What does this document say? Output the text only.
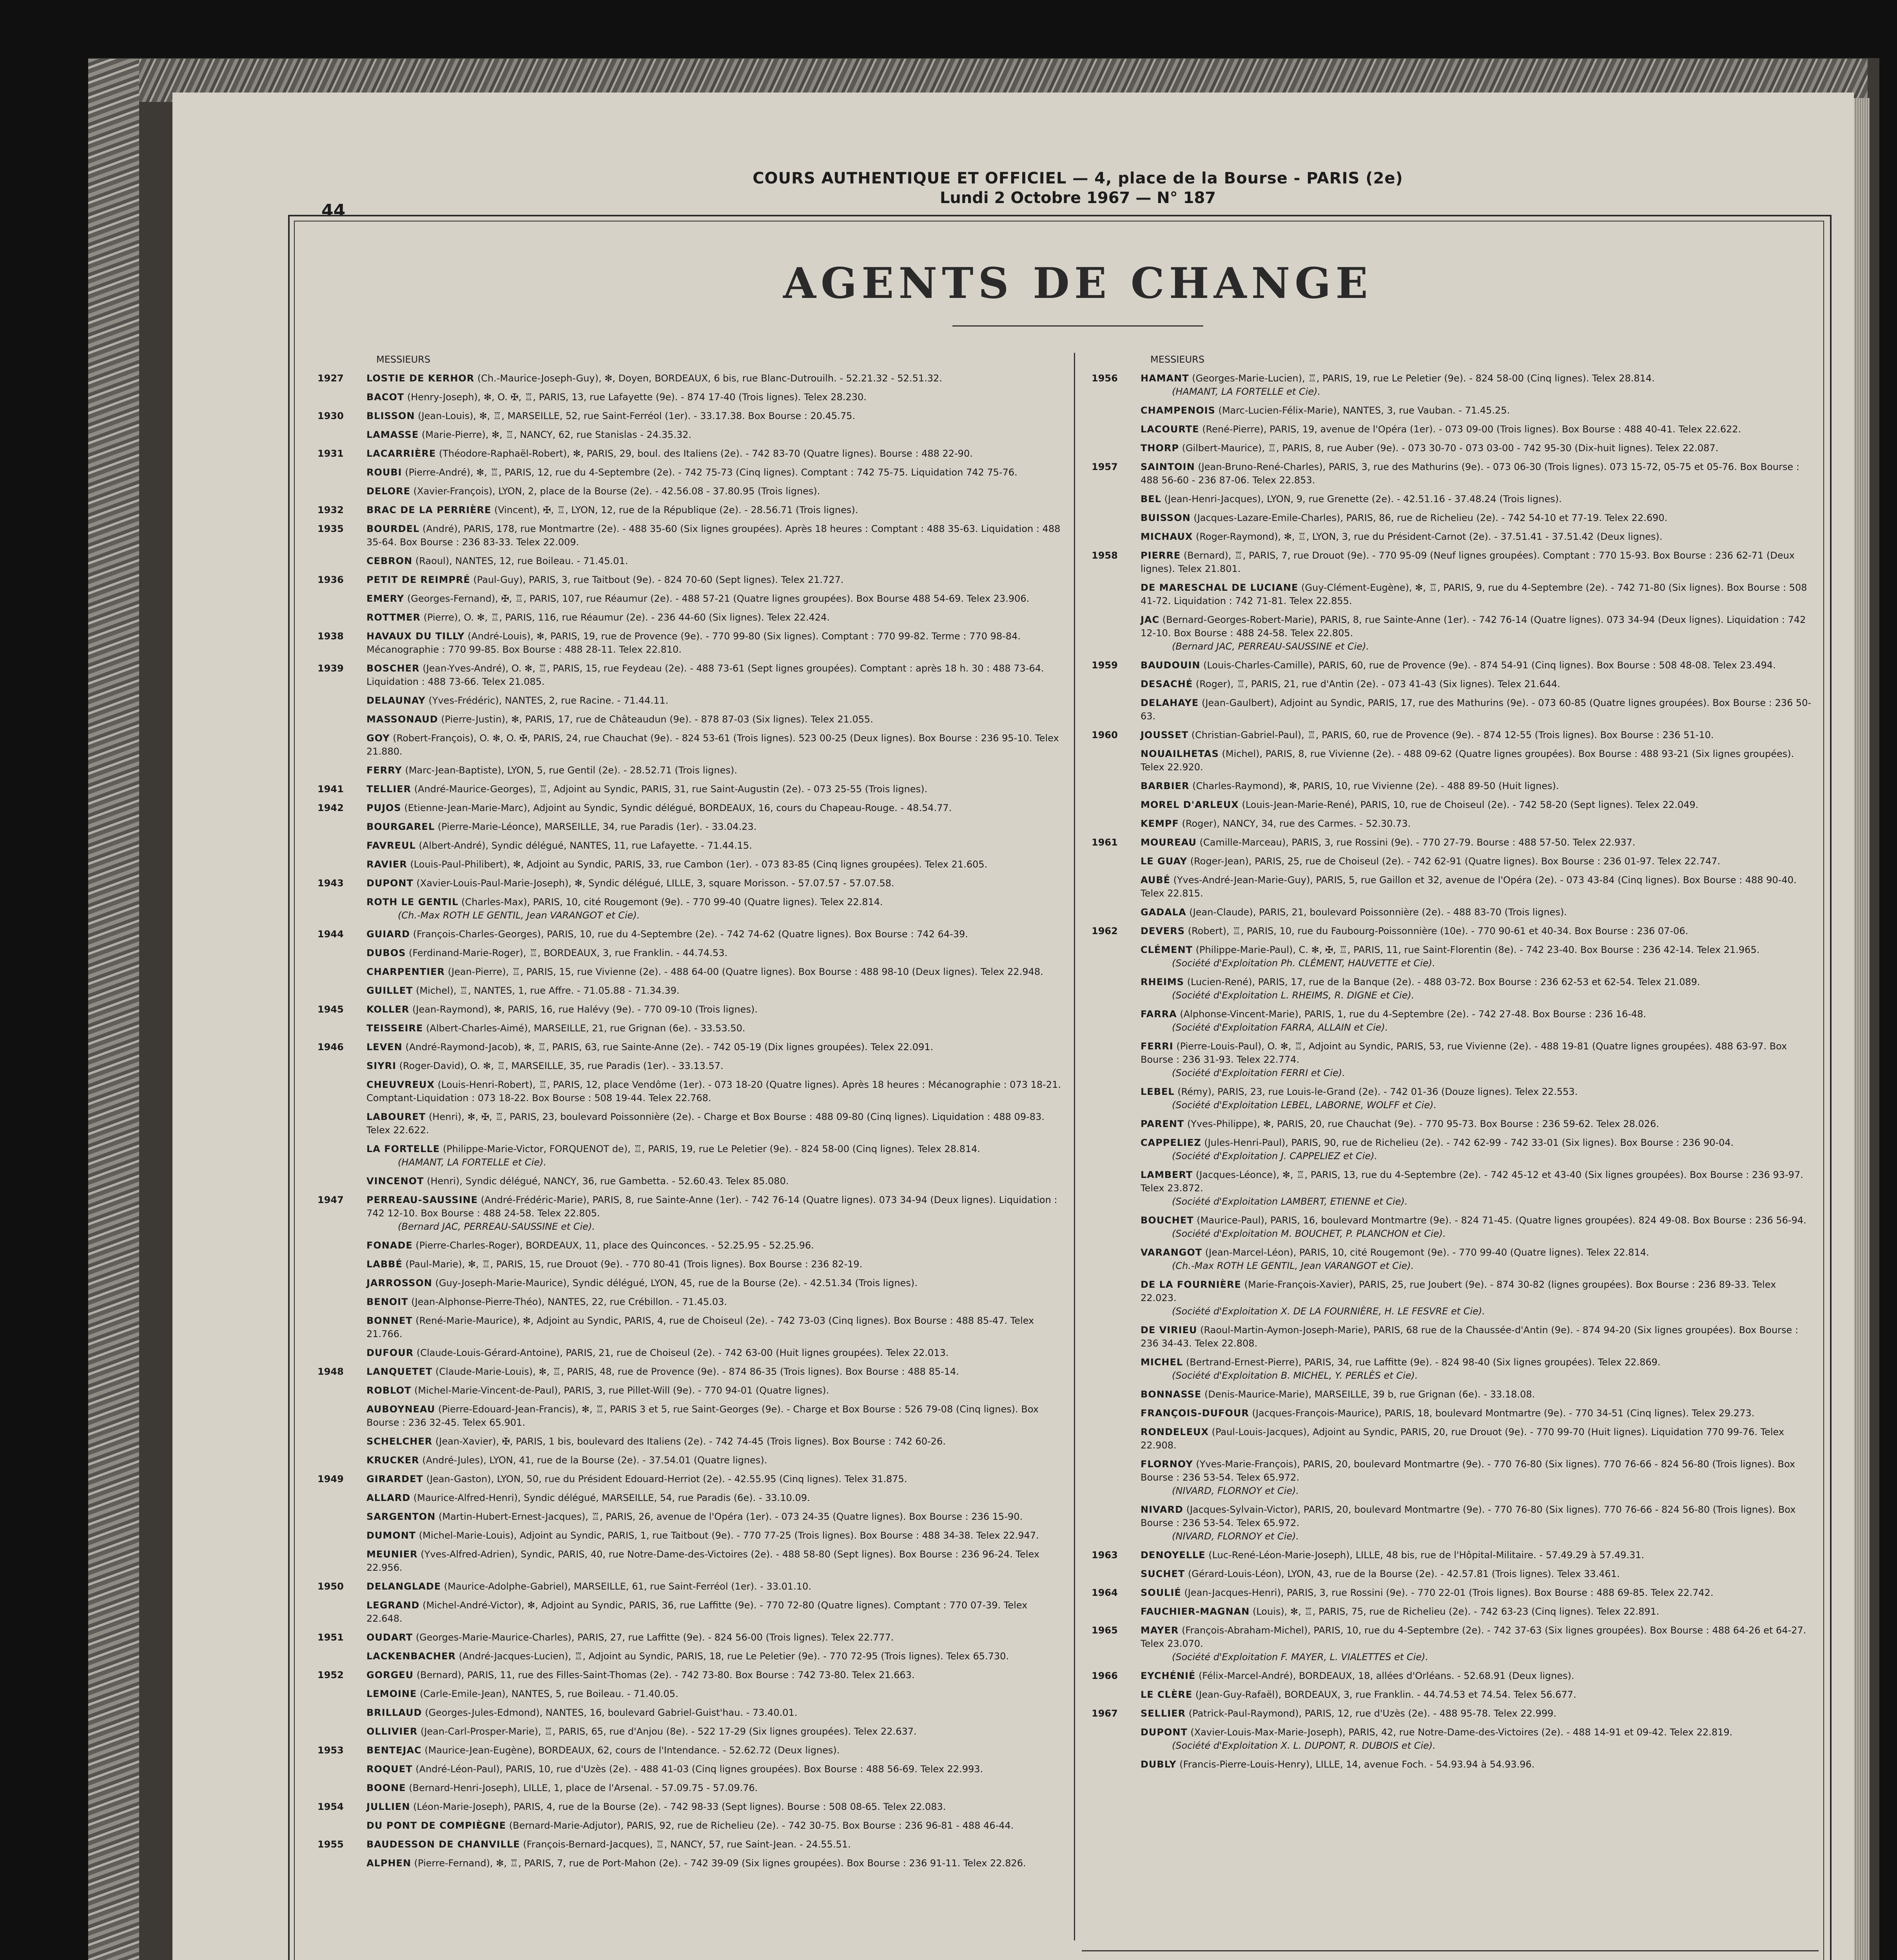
COURS AUTHENTIQUE ET OFFICIEL — 4, place de la Bourse - PARIS (2e)
Lundi 2 Octobre 1967 — N° 187
44
AGENTS DE CHANGE
MESSIEURS
1927 LOSTIE DE KERHOR (Ch.-Maurice-Joseph-Guy), ✻, Doyen, BORDEAUX, 6 bis, rue Blanc-Dutrouilh. - 52.21.32 - 52.51.32.
BACOT (Henry-Joseph), ✻, O. ✠, ♖, PARIS, 13, rue Lafayette (9e). - 874 17-40 (Trois lignes). Telex 28.230.
1930 BLISSON (Jean-Louis), ✻, ♖, MARSEILLE, 52, rue Saint-Ferréol (1er). - 33.17.38. Box Bourse : 20.45.75.
LAMASSE (Marie-Pierre), ✻, ♖, NANCY, 62, rue Stanislas - 24.35.32.
1931 LACARRIÈRE (Théodore-Raphaël-Robert), ✻, PARIS, 29, boul. des Italiens (2e). - 742 83-70 (Quatre lignes). Bourse : 488 22-90.
ROUBI (Pierre-André), ✻, ♖, PARIS, 12, rue du 4-Septembre (2e). - 742 75-73 (Cinq lignes). Comptant : 742 75-75. Liquidation 742 75-76.
DELORE (Xavier-François), LYON, 2, place de la Bourse (2e). - 42.56.08 - 37.80.95 (Trois lignes).
1932 BRAC DE LA PERRIÈRE (Vincent), ✠, ♖, LYON, 12, rue de la République (2e). - 28.56.71 (Trois lignes).
1935 BOURDEL (André), PARIS, 178, rue Montmartre (2e). - 488 35-60 (Six lignes groupées). Après 18 heures : Comptant : 488 35-63. Liquidation : 488 35-64. Box Bourse : 236 83-33. Telex 22.009.
CEBRON (Raoul), NANTES, 12, rue Boileau. - 71.45.01.
1936 PETIT DE REIMPRÉ (Paul-Guy), PARIS, 3, rue Taitbout (9e). - 824 70-60 (Sept lignes). Telex 21.727.
EMERY (Georges-Fernand), ✠, ♖, PARIS, 107, rue Réaumur (2e). - 488 57-21 (Quatre lignes groupées). Box Bourse 488 54-69. Telex 23.906.
ROTTMER (Pierre), O. ✻, ♖, PARIS, 116, rue Réaumur (2e). - 236 44-60 (Six lignes). Telex 22.424.
1938 HAVAUX DU TILLY (André-Louis), ✻, PARIS, 19, rue de Provence (9e). - 770 99-80 (Six lignes). Comptant : 770 99-82. Terme : 770 98-84. Mécanographie : 770 99-85. Box Bourse : 488 28-11. Telex 22.810.
1939 BOSCHER (Jean-Yves-André), O. ✻, ♖, PARIS, 15, rue Feydeau (2e). - 488 73-61 (Sept lignes groupées). Comptant : après 18 h. 30 : 488 73-64. Liquidation : 488 73-66. Telex 21.085.
DELAUNAY (Yves-Frédéric), NANTES, 2, rue Racine. - 71.44.11.
MASSONAUD (Pierre-Justin), ✻, PARIS, 17, rue de Châteaudun (9e). - 878 87-03 (Six lignes). Telex 21.055.
GOY (Robert-François), O. ✻, O. ✠, PARIS, 24, rue Chauchat (9e). - 824 53-61 (Trois lignes). 523 00-25 (Deux lignes). Box Bourse : 236 95-10. Telex 21.880.
FERRY (Marc-Jean-Baptiste), LYON, 5, rue Gentil (2e). - 28.52.71 (Trois lignes).
1941 TELLIER (André-Maurice-Georges), ♖, Adjoint au Syndic, PARIS, 31, rue Saint-Augustin (2e). - 073 25-55 (Trois lignes).
1942 PUJOS (Etienne-Jean-Marie-Marc), Adjoint au Syndic, Syndic délégué, BORDEAUX, 16, cours du Chapeau-Rouge. - 48.54.77.
BOURGAREL (Pierre-Marie-Léonce), MARSEILLE, 34, rue Paradis (1er). - 33.04.23.
FAVREUL (Albert-André), Syndic délégué, NANTES, 11, rue Lafayette. - 71.44.15.
RAVIER (Louis-Paul-Philibert), ✻, Adjoint au Syndic, PARIS, 33, rue Cambon (1er). - 073 83-85 (Cinq lignes groupées). Telex 21.605.
1943 DUPONT (Xavier-Louis-Paul-Marie-Joseph), ✻, Syndic délégué, LILLE, 3, square Morisson. - 57.07.57 - 57.07.58.
ROTH LE GENTIL (Charles-Max), PARIS, 10, cité Rougemont (9e). - 770 99-40 (Quatre lignes). Telex 22.814.
(Ch.-Max ROTH LE GENTIL, Jean VARANGOT et Cie).
1944 GUIARD (François-Charles-Georges), PARIS, 10, rue du 4-Septembre (2e). - 742 74-62 (Quatre lignes). Box Bourse : 742 64-39.
DUBOS (Ferdinand-Marie-Roger), ♖, BORDEAUX, 3, rue Franklin. - 44.74.53.
CHARPENTIER (Jean-Pierre), ♖, PARIS, 15, rue Vivienne (2e). - 488 64-00 (Quatre lignes). Box Bourse : 488 98-10 (Deux lignes). Telex 22.948.
GUILLET (Michel), ♖, NANTES, 1, rue Affre. - 71.05.88 - 71.34.39.
1945 KOLLER (Jean-Raymond), ✻, PARIS, 16, rue Halévy (9e). - 770 09-10 (Trois lignes).
TEISSEIRE (Albert-Charles-Aimé), MARSEILLE, 21, rue Grignan (6e). - 33.53.50.
1946 LEVEN (André-Raymond-Jacob), ✻, ♖, PARIS, 63, rue Sainte-Anne (2e). - 742 05-19 (Dix lignes groupées). Telex 22.091.
SIYRI (Roger-David), O. ✻, ♖, MARSEILLE, 35, rue Paradis (1er). - 33.13.57.
CHEUVREUX (Louis-Henri-Robert), ♖, PARIS, 12, place Vendôme (1er). - 073 18-20 (Quatre lignes). Après 18 heures : Mécanographie : 073 18-21. Comptant-Liquidation : 073 18-22. Box Bourse : 508 19-44. Telex 22.768.
LABOURET (Henri), ✻, ✠, ♖, PARIS, 23, boulevard Poissonnière (2e). - Charge et Box Bourse : 488 09-80 (Cinq lignes). Liquidation : 488 09-83. Telex 22.622.
LA FORTELLE (Philippe-Marie-Victor, FORQUENOT de), ♖, PARIS, 19, rue Le Peletier (9e). - 824 58-00 (Cinq lignes). Telex 28.814.
(HAMANT, LA FORTELLE et Cie).
VINCENOT (Henri), Syndic délégué, NANCY, 36, rue Gambetta. - 52.60.43. Telex 85.080.
1947 PERREAU-SAUSSINE (André-Frédéric-Marie), PARIS, 8, rue Sainte-Anne (1er). - 742 76-14 (Quatre lignes). 073 34-94 (Deux lignes). Liquidation : 742 12-10. Box Bourse : 488 24-58. Telex 22.805.
(Bernard JAC, PERREAU-SAUSSINE et Cie).
FONADE (Pierre-Charles-Roger), BORDEAUX, 11, place des Quinconces. - 52.25.95 - 52.25.96.
LABBÉ (Paul-Marie), ✻, ♖, PARIS, 15, rue Drouot (9e). - 770 80-41 (Trois lignes). Box Bourse : 236 82-19.
JARROSSON (Guy-Joseph-Marie-Maurice), Syndic délégué, LYON, 45, rue de la Bourse (2e). - 42.51.34 (Trois lignes).
BENOIT (Jean-Alphonse-Pierre-Théo), NANTES, 22, rue Crébillon. - 71.45.03.
BONNET (René-Marie-Maurice), ✻, Adjoint au Syndic, PARIS, 4, rue de Choiseul (2e). - 742 73-03 (Cinq lignes). Box Bourse : 488 85-47. Telex 21.766.
DUFOUR (Claude-Louis-Gérard-Antoine), PARIS, 21, rue de Choiseul (2e). - 742 63-00 (Huit lignes groupées). Telex 22.013.
1948 LANQUETET (Claude-Marie-Louis), ✻, ♖, PARIS, 48, rue de Provence (9e). - 874 86-35 (Trois lignes). Box Bourse : 488 85-14.
ROBLOT (Michel-Marie-Vincent-de-Paul), PARIS, 3, rue Pillet-Will (9e). - 770 94-01 (Quatre lignes).
AUBOYNEAU (Pierre-Edouard-Jean-Francis), ✻, ♖, PARIS 3 et 5, rue Saint-Georges (9e). - Charge et Box Bourse : 526 79-08 (Cinq lignes). Box Bourse : 236 32-45. Telex 65.901.
SCHELCHER (Jean-Xavier), ✠, PARIS, 1 bis, boulevard des Italiens (2e). - 742 74-45 (Trois lignes). Box Bourse : 742 60-26.
KRUCKER (André-Jules), LYON, 41, rue de la Bourse (2e). - 37.54.01 (Quatre lignes).
1949 GIRARDET (Jean-Gaston), LYON, 50, rue du Président Edouard-Herriot (2e). - 42.55.95 (Cinq lignes). Telex 31.875.
ALLARD (Maurice-Alfred-Henri), Syndic délégué, MARSEILLE, 54, rue Paradis (6e). - 33.10.09.
SARGENTON (Martin-Hubert-Ernest-Jacques), ♖, PARIS, 26, avenue de l'Opéra (1er). - 073 24-35 (Quatre lignes). Box Bourse : 236 15-90.
DUMONT (Michel-Marie-Louis), Adjoint au Syndic, PARIS, 1, rue Taitbout (9e). - 770 77-25 (Trois lignes). Box Bourse : 488 34-38. Telex 22.947.
MEUNIER (Yves-Alfred-Adrien), Syndic, PARIS, 40, rue Notre-Dame-des-Victoires (2e). - 488 58-80 (Sept lignes). Box Bourse : 236 96-24. Telex 22.956.
1950 DELANGLADE (Maurice-Adolphe-Gabriel), MARSEILLE, 61, rue Saint-Ferréol (1er). - 33.01.10.
LEGRAND (Michel-André-Victor), ✻, Adjoint au Syndic, PARIS, 36, rue Laffitte (9e). - 770 72-80 (Quatre lignes). Comptant : 770 07-39. Telex 22.648.
1951 OUDART (Georges-Marie-Maurice-Charles), PARIS, 27, rue Laffitte (9e). - 824 56-00 (Trois lignes). Telex 22.777.
LACKENBACHER (André-Jacques-Lucien), ♖, Adjoint au Syndic, PARIS, 18, rue Le Peletier (9e). - 770 72-95 (Trois lignes). Telex 65.730.
1952 GORGEU (Bernard), PARIS, 11, rue des Filles-Saint-Thomas (2e). - 742 73-80. Box Bourse : 742 73-80. Telex 21.663.
LEMOINE (Carle-Emile-Jean), NANTES, 5, rue Boileau. - 71.40.05.
BRILLAUD (Georges-Jules-Edmond), NANTES, 16, boulevard Gabriel-Guist'hau. - 73.40.01.
OLLIVIER (Jean-Carl-Prosper-Marie), ♖, PARIS, 65, rue d'Anjou (8e). - 522 17-29 (Six lignes groupées). Telex 22.637.
1953 BENTEJAC (Maurice-Jean-Eugène), BORDEAUX, 62, cours de l'Intendance. - 52.62.72 (Deux lignes).
ROQUET (André-Léon-Paul), PARIS, 10, rue d'Uzès (2e). - 488 41-03 (Cinq lignes groupées). Box Bourse : 488 56-69. Telex 22.993.
BOONE (Bernard-Henri-Joseph), LILLE, 1, place de l'Arsenal. - 57.09.75 - 57.09.76.
1954 JULLIEN (Léon-Marie-Joseph), PARIS, 4, rue de la Bourse (2e). - 742 98-33 (Sept lignes). Bourse : 508 08-65. Telex 22.083.
DU PONT DE COMPIÈGNE (Bernard-Marie-Adjutor), PARIS, 92, rue de Richelieu (2e). - 742 30-75. Box Bourse : 236 96-81 - 488 46-44.
1955 BAUDESSON DE CHANVILLE (François-Bernard-Jacques), ♖, NANCY, 57, rue Saint-Jean. - 24.55.51.
ALPHEN (Pierre-Fernand), ✻, ♖, PARIS, 7, rue de Port-Mahon (2e). - 742 39-09 (Six lignes groupées). Box Bourse : 236 91-11. Telex 22.826.
MESSIEURS
1956 HAMANT (Georges-Marie-Lucien), ♖, PARIS, 19, rue Le Peletier (9e). - 824 58-00 (Cinq lignes). Telex 28.814.
(HAMANT, LA FORTELLE et Cie).
CHAMPENOIS (Marc-Lucien-Félix-Marie), NANTES, 3, rue Vauban. - 71.45.25.
LACOURTE (René-Pierre), PARIS, 19, avenue de l'Opéra (1er). - 073 09-00 (Trois lignes). Box Bourse : 488 40-41. Telex 22.622.
THORP (Gilbert-Maurice), ♖, PARIS, 8, rue Auber (9e). - 073 30-70 - 073 03-00 - 742 95-30 (Dix-huit lignes). Telex 22.087.
1957 SAINTOIN (Jean-Bruno-René-Charles), PARIS, 3, rue des Mathurins (9e). - 073 06-30 (Trois lignes). 073 15-72, 05-75 et 05-76. Box Bourse : 488 56-60 - 236 87-06. Telex 22.853.
BEL (Jean-Henri-Jacques), LYON, 9, rue Grenette (2e). - 42.51.16 - 37.48.24 (Trois lignes).
BUISSON (Jacques-Lazare-Emile-Charles), PARIS, 86, rue de Richelieu (2e). - 742 54-10 et 77-19. Telex 22.690.
MICHAUX (Roger-Raymond), ✻, ♖, LYON, 3, rue du Président-Carnot (2e). - 37.51.41 - 37.51.42 (Deux lignes).
1958 PIERRE (Bernard), ♖, PARIS, 7, rue Drouot (9e). - 770 95-09 (Neuf lignes groupées). Comptant : 770 15-93. Box Bourse : 236 62-71 (Deux lignes). Telex 21.801.
DE MARESCHAL DE LUCIANE (Guy-Clément-Eugène), ✻, ♖, PARIS, 9, rue du 4-Septembre (2e). - 742 71-80 (Six lignes). Box Bourse : 508 41-72. Liquidation : 742 71-81. Telex 22.855.
JAC (Bernard-Georges-Robert-Marie), PARIS, 8, rue Sainte-Anne (1er). - 742 76-14 (Quatre lignes). 073 34-94 (Deux lignes). Liquidation : 742 12-10. Box Bourse : 488 24-58. Telex 22.805.
(Bernard JAC, PERREAU-SAUSSINE et Cie).
1959 BAUDOUIN (Louis-Charles-Camille), PARIS, 60, rue de Provence (9e). - 874 54-91 (Cinq lignes). Box Bourse : 508 48-08. Telex 23.494.
DESACHÉ (Roger), ♖, PARIS, 21, rue d'Antin (2e). - 073 41-43 (Six lignes). Telex 21.644.
DELAHAYE (Jean-Gaulbert), Adjoint au Syndic, PARIS, 17, rue des Mathurins (9e). - 073 60-85 (Quatre lignes groupées). Box Bourse : 236 50-63.
1960 JOUSSET (Christian-Gabriel-Paul), ♖, PARIS, 60, rue de Provence (9e). - 874 12-55 (Trois lignes). Box Bourse : 236 51-10.
NOUAILHETAS (Michel), PARIS, 8, rue Vivienne (2e). - 488 09-62 (Quatre lignes groupées). Box Bourse : 488 93-21 (Six lignes groupées). Telex 22.920.
BARBIER (Charles-Raymond), ✻, PARIS, 10, rue Vivienne (2e). - 488 89-50 (Huit lignes).
MOREL D'ARLEUX (Louis-Jean-Marie-René), PARIS, 10, rue de Choiseul (2e). - 742 58-20 (Sept lignes). Telex 22.049.
KEMPF (Roger), NANCY, 34, rue des Carmes. - 52.30.73.
1961 MOUREAU (Camille-Marceau), PARIS, 3, rue Rossini (9e). - 770 27-79. Bourse : 488 57-50. Telex 22.937.
LE GUAY (Roger-Jean), PARIS, 25, rue de Choiseul (2e). - 742 62-91 (Quatre lignes). Box Bourse : 236 01-97. Telex 22.747.
AUBÉ (Yves-André-Jean-Marie-Guy), PARIS, 5, rue Gaillon et 32, avenue de l'Opéra (2e). - 073 43-84 (Cinq lignes). Box Bourse : 488 90-40. Telex 22.815.
GADALA (Jean-Claude), PARIS, 21, boulevard Poissonnière (2e). - 488 83-70 (Trois lignes).
1962 DEVERS (Robert), ♖, PARIS, 10, rue du Faubourg-Poissonnière (10e). - 770 90-61 et 40-34. Box Bourse : 236 07-06.
CLÉMENT (Philippe-Marie-Paul), C. ✻, ✠, ♖, PARIS, 11, rue Saint-Florentin (8e). - 742 23-40. Box Bourse : 236 42-14. Telex 21.965.
(Société d'Exploitation Ph. CLÉMENT, HAUVETTE et Cie).
RHEIMS (Lucien-René), PARIS, 17, rue de la Banque (2e). - 488 03-72. Box Bourse : 236 62-53 et 62-54. Telex 21.089.
(Société d'Exploitation L. RHEIMS, R. DIGNE et Cie).
FARRA (Alphonse-Vincent-Marie), PARIS, 1, rue du 4-Septembre (2e). - 742 27-48. Box Bourse : 236 16-48.
(Société d'Exploitation FARRA, ALLAIN et Cie).
FERRI (Pierre-Louis-Paul), O. ✻, ♖, Adjoint au Syndic, PARIS, 53, rue Vivienne (2e). - 488 19-81 (Quatre lignes groupées). 488 63-97. Box Bourse : 236 31-93. Telex 22.774.
(Société d'Exploitation FERRI et Cie).
LEBEL (Rémy), PARIS, 23, rue Louis-le-Grand (2e). - 742 01-36 (Douze lignes). Telex 22.553.
(Société d'Exploitation LEBEL, LABORNE, WOLFF et Cie).
PARENT (Yves-Philippe), ✻, PARIS, 20, rue Chauchat (9e). - 770 95-73. Box Bourse : 236 59-62. Telex 28.026.
CAPPELIEZ (Jules-Henri-Paul), PARIS, 90, rue de Richelieu (2e). - 742 62-99 - 742 33-01 (Six lignes). Box Bourse : 236 90-04.
(Société d'Exploitation J. CAPPELIEZ et Cie).
LAMBERT (Jacques-Léonce), ✻, ♖, PARIS, 13, rue du 4-Septembre (2e). - 742 45-12 et 43-40 (Six lignes groupées). Box Bourse : 236 93-97. Telex 23.872.
(Société d'Exploitation LAMBERT, ETIENNE et Cie).
BOUCHET (Maurice-Paul), PARIS, 16, boulevard Montmartre (9e). - 824 71-45. (Quatre lignes groupées). 824 49-08. Box Bourse : 236 56-94.
(Société d'Exploitation M. BOUCHET, P. PLANCHON et Cie).
VARANGOT (Jean-Marcel-Léon), PARIS, 10, cité Rougemont (9e). - 770 99-40 (Quatre lignes). Telex 22.814.
(Ch.-Max ROTH LE GENTIL, Jean VARANGOT et Cie).
DE LA FOURNIÈRE (Marie-François-Xavier), PARIS, 25, rue Joubert (9e). - 874 30-82 (lignes groupées). Box Bourse : 236 89-33. Telex 22.023.
(Société d'Exploitation X. DE LA FOURNIÈRE, H. LE FESVRE et Cie).
DE VIRIEU (Raoul-Martin-Aymon-Joseph-Marie), PARIS, 68 rue de la Chaussée-d'Antin (9e). - 874 94-20 (Six lignes groupées). Box Bourse : 236 34-43. Telex 22.808.
MICHEL (Bertrand-Ernest-Pierre), PARIS, 34, rue Laffitte (9e). - 824 98-40 (Six lignes groupées). Telex 22.869.
(Société d'Exploitation B. MICHEL, Y. PERLÈS et Cie).
BONNASSE (Denis-Maurice-Marie), MARSEILLE, 39 b, rue Grignan (6e). - 33.18.08.
FRANÇOIS-DUFOUR (Jacques-François-Maurice), PARIS, 18, boulevard Montmartre (9e). - 770 34-51 (Cinq lignes). Telex 29.273.
RONDELEUX (Paul-Louis-Jacques), Adjoint au Syndic, PARIS, 20, rue Drouot (9e). - 770 99-70 (Huit lignes). Liquidation 770 99-76. Telex 22.908.
FLORNOY (Yves-Marie-François), PARIS, 20, boulevard Montmartre (9e). - 770 76-80 (Six lignes). 770 76-66 - 824 56-80 (Trois lignes). Box Bourse : 236 53-54. Telex 65.972.
(NIVARD, FLORNOY et Cie).
NIVARD (Jacques-Sylvain-Victor), PARIS, 20, boulevard Montmartre (9e). - 770 76-80 (Six lignes). 770 76-66 - 824 56-80 (Trois lignes). Box Bourse : 236 53-54. Telex 65.972.
(NIVARD, FLORNOY et Cie).
1963 DENOYELLE (Luc-René-Léon-Marie-Joseph), LILLE, 48 bis, rue de l'Hôpital-Militaire. - 57.49.29 à 57.49.31.
SUCHET (Gérard-Louis-Léon), LYON, 43, rue de la Bourse (2e). - 42.57.81 (Trois lignes). Telex 33.461.
1964 SOULIÉ (Jean-Jacques-Henri), PARIS, 3, rue Rossini (9e). - 770 22-01 (Trois lignes). Box Bourse : 488 69-85. Telex 22.742.
FAUCHIER-MAGNAN (Louis), ✻, ♖, PARIS, 75, rue de Richelieu (2e). - 742 63-23 (Cinq lignes). Telex 22.891.
1965 MAYER (François-Abraham-Michel), PARIS, 10, rue du 4-Septembre (2e). - 742 37-63 (Six lignes groupées). Box Bourse : 488 64-26 et 64-27. Telex 23.070.
(Société d'Exploitation F. MAYER, L. VIALETTES et Cie).
1966 EYCHÉNIÉ (Félix-Marcel-André), BORDEAUX, 18, allées d'Orléans. - 52.68.91 (Deux lignes).
LE CLÈRE (Jean-Guy-Rafaël), BORDEAUX, 3, rue Franklin. - 44.74.53 et 74.54. Telex 56.677.
1967 SELLIER (Patrick-Paul-Raymond), PARIS, 12, rue d'Uzès (2e). - 488 95-78. Telex 22.999.
DUPONT (Xavier-Louis-Max-Marie-Joseph), PARIS, 42, rue Notre-Dame-des-Victoires (2e). - 488 14-91 et 09-42. Telex 22.819.
(Société d'Exploitation X. L. DUPONT, R. DUBOIS et Cie).
DUBLY (Francis-Pierre-Louis-Henry), LILLE, 14, avenue Foch. - 54.93.94 à 54.93.96.
